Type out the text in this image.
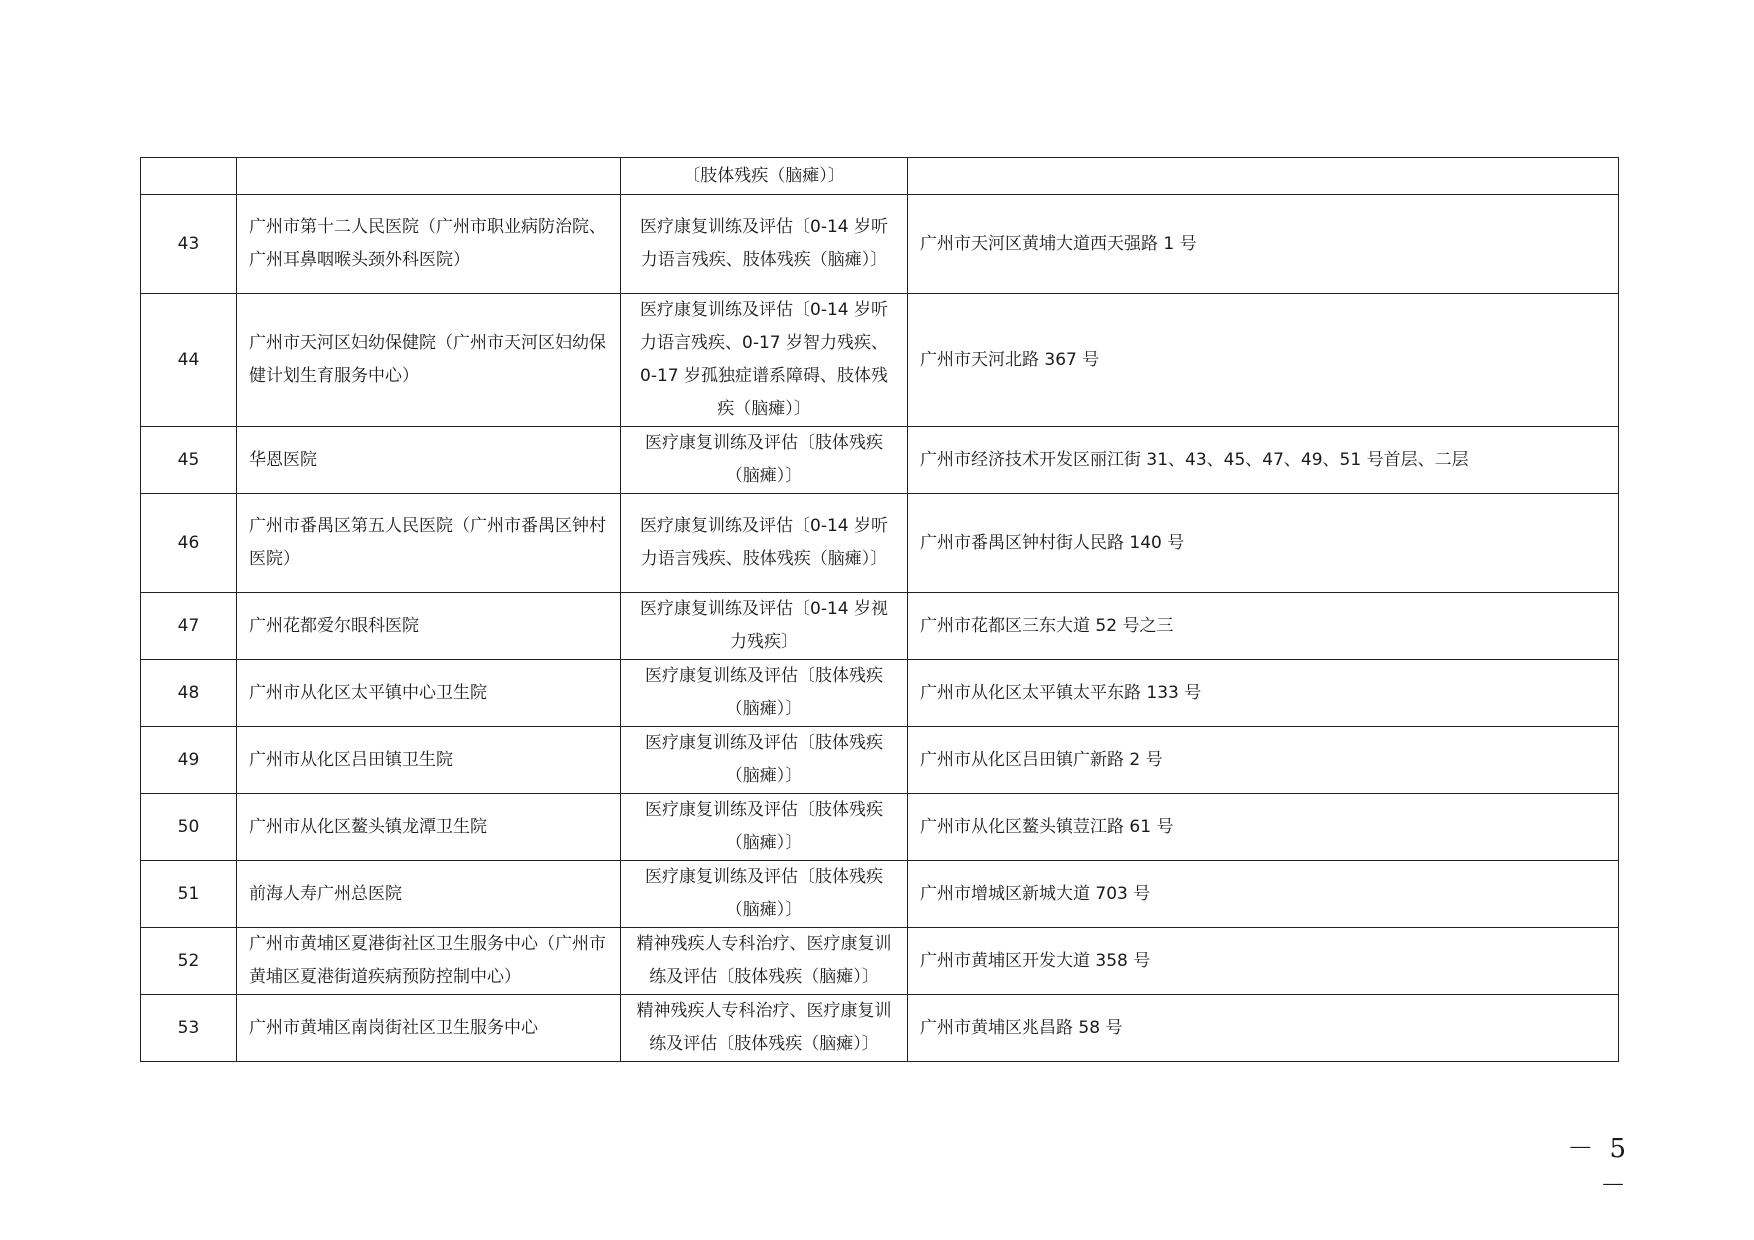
		〔肢体残疾（脑瘫）〕	
43	广州市第十二人民医院（广州市职业病防治院、广州耳鼻咽喉头颈外科医院）	医疗康复训练及评估〔0-14 岁听力语言残疾、肢体残疾（脑瘫）〕	广州市天河区黄埔大道西天强路 1 号
44	广州市天河区妇幼保健院（广州市天河区妇幼保健计划生育服务中心）	医疗康复训练及评估〔0-14 岁听力语言残疾、0-17 岁智力残疾、0-17 岁孤独症谱系障碍、肢体残疾（脑瘫）〕	广州市天河北路 367 号
45	华恩医院	医疗康复训练及评估〔肢体残疾（脑瘫）〕	广州市经济技术开发区丽江街 31、43、45、47、49、51 号首层、二层
46	广州市番禺区第五人民医院（广州市番禺区钟村医院）	医疗康复训练及评估〔0-14 岁听力语言残疾、肢体残疾（脑瘫）〕	广州市番禺区钟村街人民路 140 号
47	广州花都爱尔眼科医院	医疗康复训练及评估〔0-14 岁视力残疾〕	广州市花都区三东大道 52 号之三
48	广州市从化区太平镇中心卫生院	医疗康复训练及评估〔肢体残疾（脑瘫）〕	广州市从化区太平镇太平东路 133 号
49	广州市从化区吕田镇卫生院	医疗康复训练及评估〔肢体残疾（脑瘫）〕	广州市从化区吕田镇广新路 2 号
50	广州市从化区鳌头镇龙潭卫生院	医疗康复训练及评估〔肢体残疾（脑瘫）〕	广州市从化区鳌头镇荳江路 61 号
51	前海人寿广州总医院	医疗康复训练及评估〔肢体残疾（脑瘫）〕	广州市增城区新城大道 703 号
52	广州市黄埔区夏港街社区卫生服务中心（广州市黄埔区夏港街道疾病预防控制中心）	精神残疾人专科治疗、医疗康复训练及评估〔肢体残疾（脑瘫）〕	广州市黄埔区开发大道 358 号
53	广州市黄埔区南岗街社区卫生服务中心	精神残疾人专科治疗、医疗康复训练及评估〔肢体残疾（脑瘫）〕	广州市黄埔区兆昌路 58 号
－ 5 －
